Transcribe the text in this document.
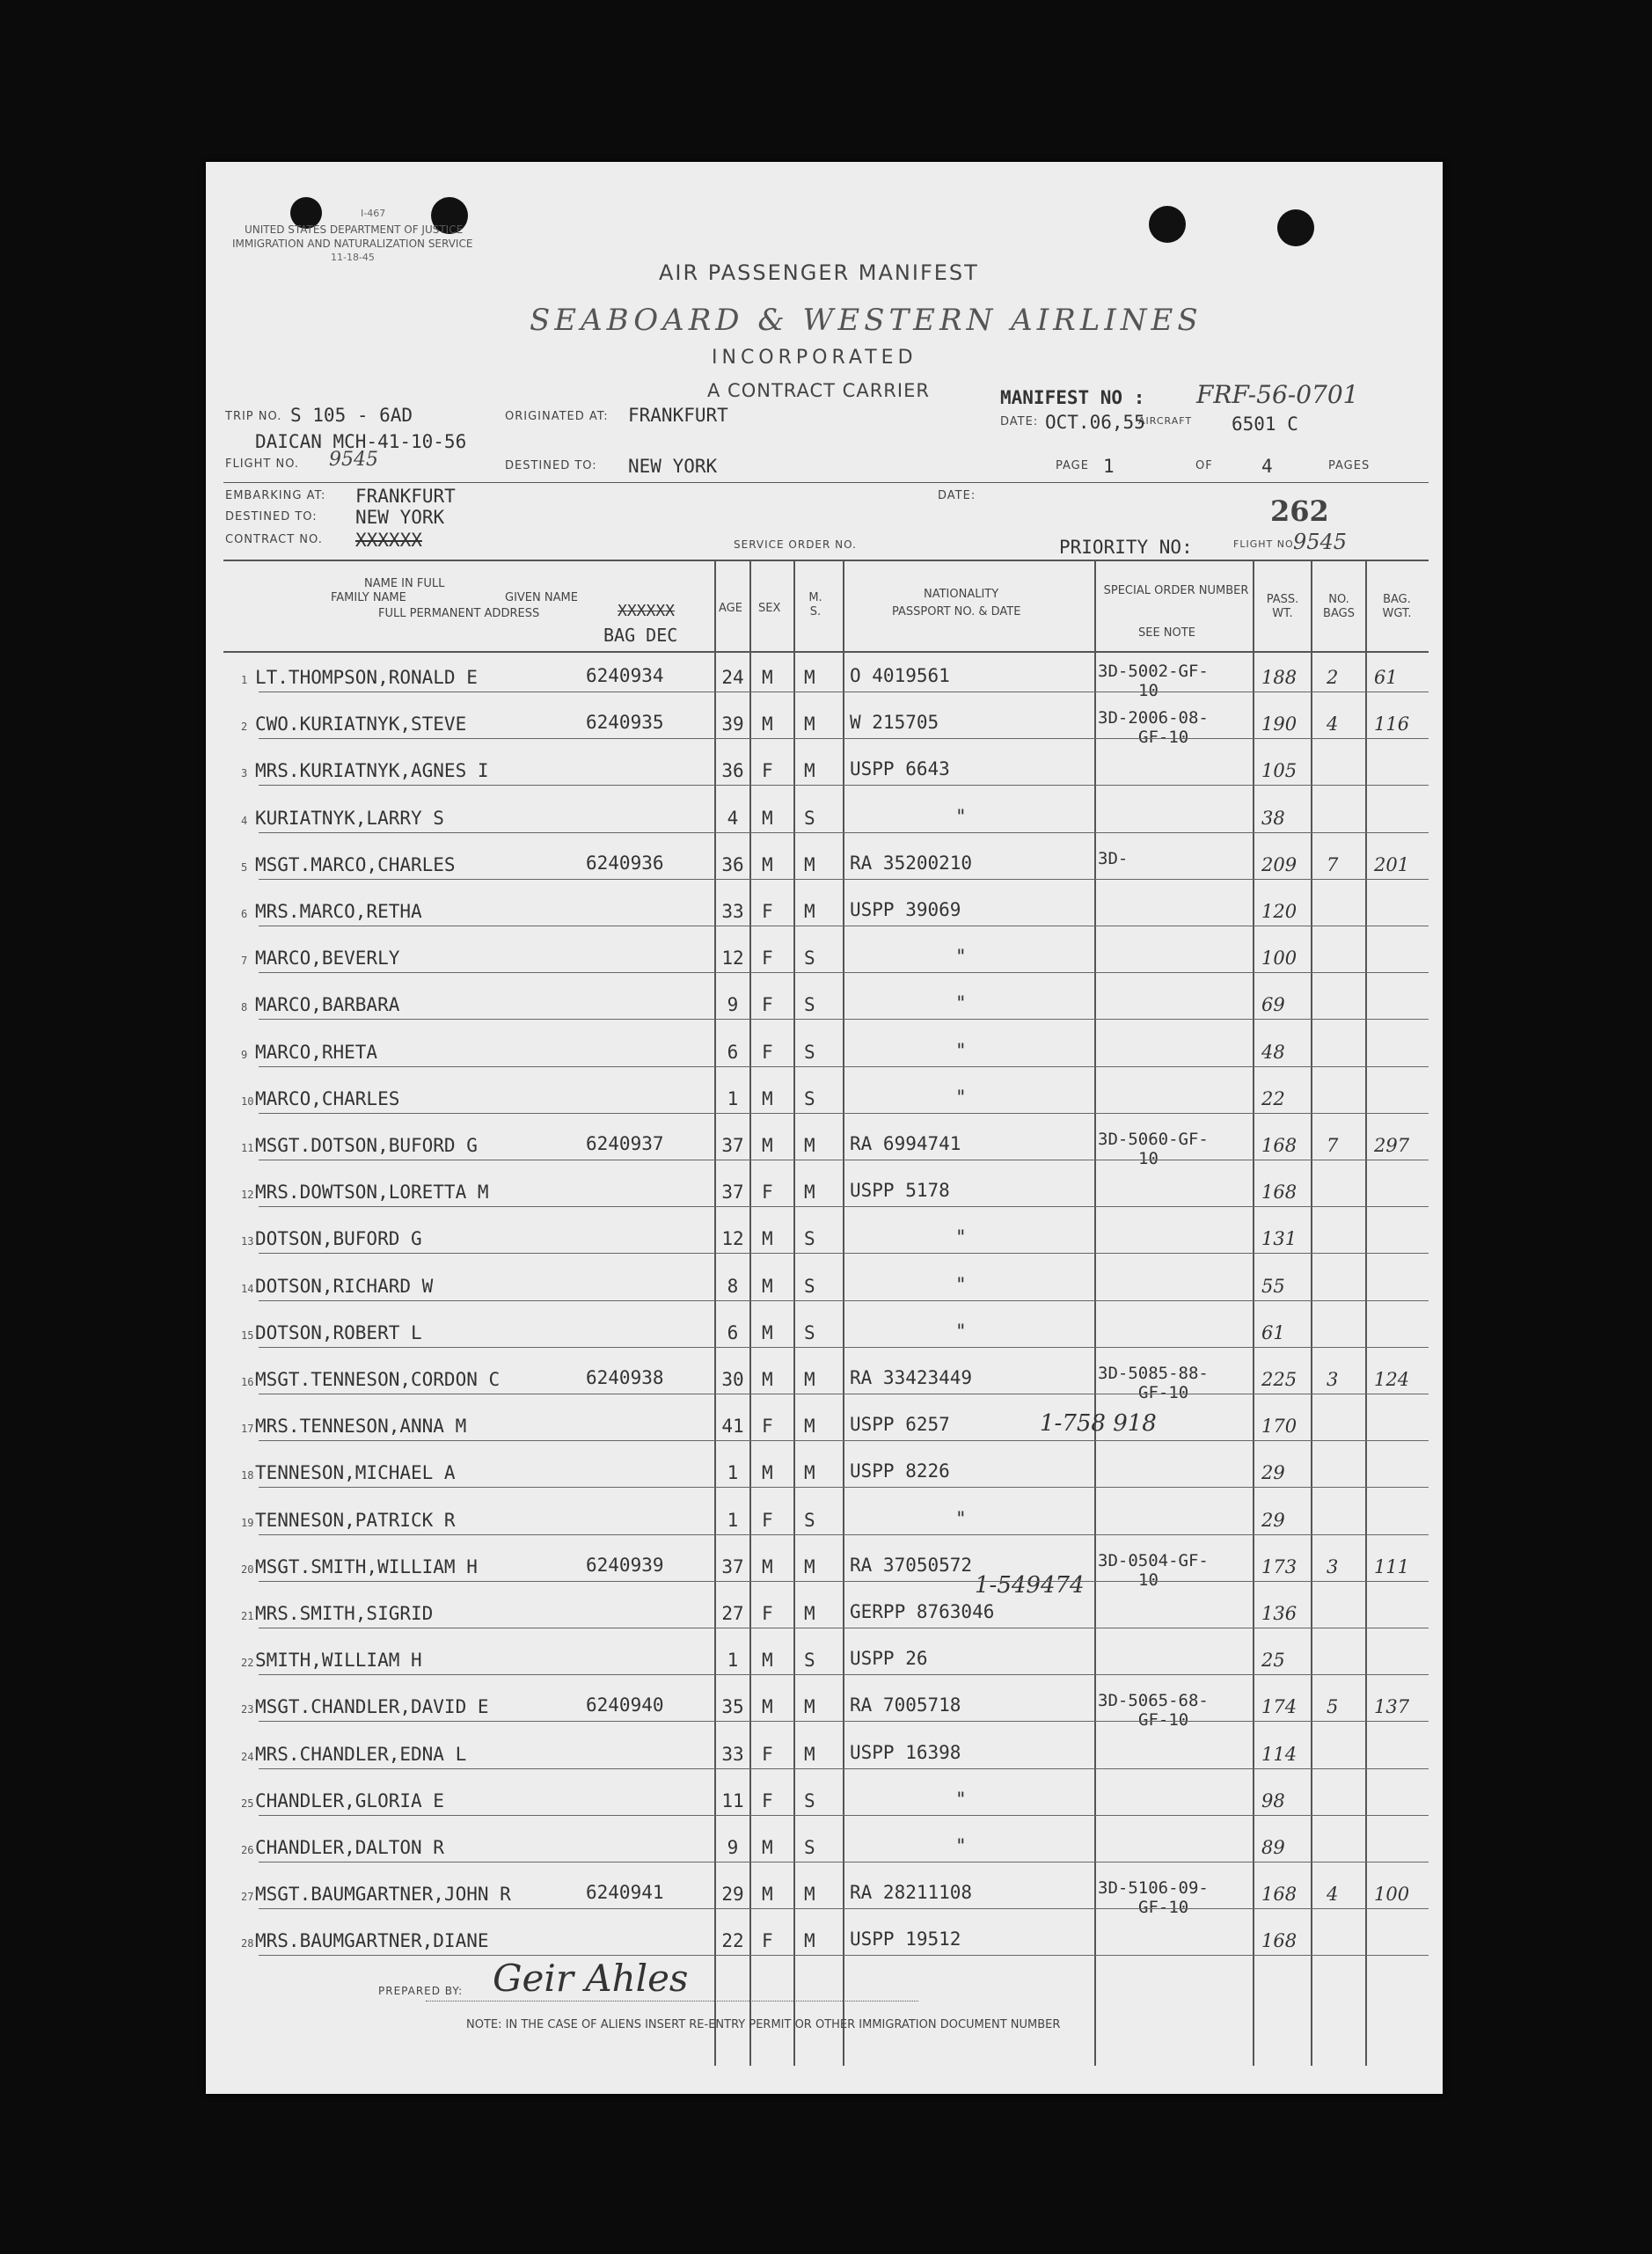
I-467
UNITED STATES DEPARTMENT OF JUSTICE
IMMIGRATION AND NATURALIZATION SERVICE
11-18-45
AIR PASSENGER MANIFEST
SEABOARD & WESTERN AIRLINES
INCORPORATED
A CONTRACT CARRIER
TRIP NO. S 105 - 6AD
DAICAN MCH-41-10-56
ORIGINATED AT: FRANKFURT
FLIGHT NO. 9545	DESTINED TO: NEW YORK
MANIFEST NO : FRF-56-0701
DATE: OCT.06,55
AIRCRAFT 6501 C
PAGE 1	OF	4	PAGES
EMBARKING AT: FRANKFURT
DESTINED TO: NEW YORK
CONTRACT NO. XXXXXX
DATE:	262
SERVICE ORDER NO.	PRIORITY NO:	FLIGHT NO.
9545
NAME IN FULL
FAMILY NAME	GIVEN NAME
FULL PERMANENT ADDRESS	XXXXXX
BAG DEC
AGE SEX
M. S.
NATIONALITY
PASSPORT NO. & DATE
SPECIAL ORDER NUMBER
SEE NOTE
PASS. WT.
NO. BAGS
BAG. WGT.
1 LT.THOMPSON,RONALD E	6240934	24 M M O 4019561	3D-5002-GF-
10
188 2 61
2 CWO.KURIATNYK,STEVE	6240935	39 M M W 215705	3D-2006-08-
GF-10
190 4 116
3 MRS.KURIATNYK,AGNES I	36 F M USPP 6643	105
4 KURIATNYK,LARRY S	4	M S	"	38
5 MSGT.MARCO,CHARLES	6240936	36 M M RA 35200210	3D-	209 7 201
6 MRS.MARCO,RETHA	33 F M USPP 39069	120
7 MARCO,BEVERLY	12 F S	"	100
8 MARCO,BARBARA	9	F S	"	69
9 MARCO,RHETA	6	F S	"	48
10 MARCO,CHARLES	1	M S	"	22
11 MSGT.DOTSON,BUFORD G	6240937	37 M M RA 6994741	3D-5060-GF-
10
168 7 297
12 MRS.DOWTSON,LORETTA M	37 F M USPP 5178	168
13 DOTSON,BUFORD G	12 M S	"	131
14 DOTSON,RICHARD W	8	M S	"	55
15 DOTSON,ROBERT L	6	M S	"	61
16 MSGT.TENNESON,CORDON C	6240938	30 M M RA 33423449	3D-5085-88-
GF-10
225 3 124
17 MRS.TENNESON,ANNA M	41 F M USPP 6257	1-758 918	170
18 TENNESON,MICHAEL A	1	M M USPP 8226	29
19 TENNESON,PATRICK R	1	F S	"	29
20 MSGT.SMITH,WILLIAM H	6240939	37 M M RA 37050572	3D-0504-GF-
10
1-549474
173 3 111
21 MRS.SMITH,SIGRID	27 F M GERPP 8763046	136
22 SMITH,WILLIAM H	1	M S USPP 26	25
23 MSGT.CHANDLER,DAVID E	6240940	35 M M RA 7005718	3D-5065-68-
GF-10
174 5 137
24 MRS.CHANDLER,EDNA L	33 F M USPP 16398	114
25 CHANDLER,GLORIA E	11 F S	"	98
26 CHANDLER,DALTON R	9	M S	"	89
27 MSGT.BAUMGARTNER,JOHN R	6240941	29 M M RA 28211108	3D-5106-09-
GF-10
168 4 100
28 MRS.BAUMGARTNER,DIANE	22 F M USPP 19512	168
PREPARED BY: Geir Ahles
NOTE: IN THE CASE OF ALIENS INSERT RE-ENTRY PERMIT OR OTHER IMMIGRATION DOCUMENT NUMBER
